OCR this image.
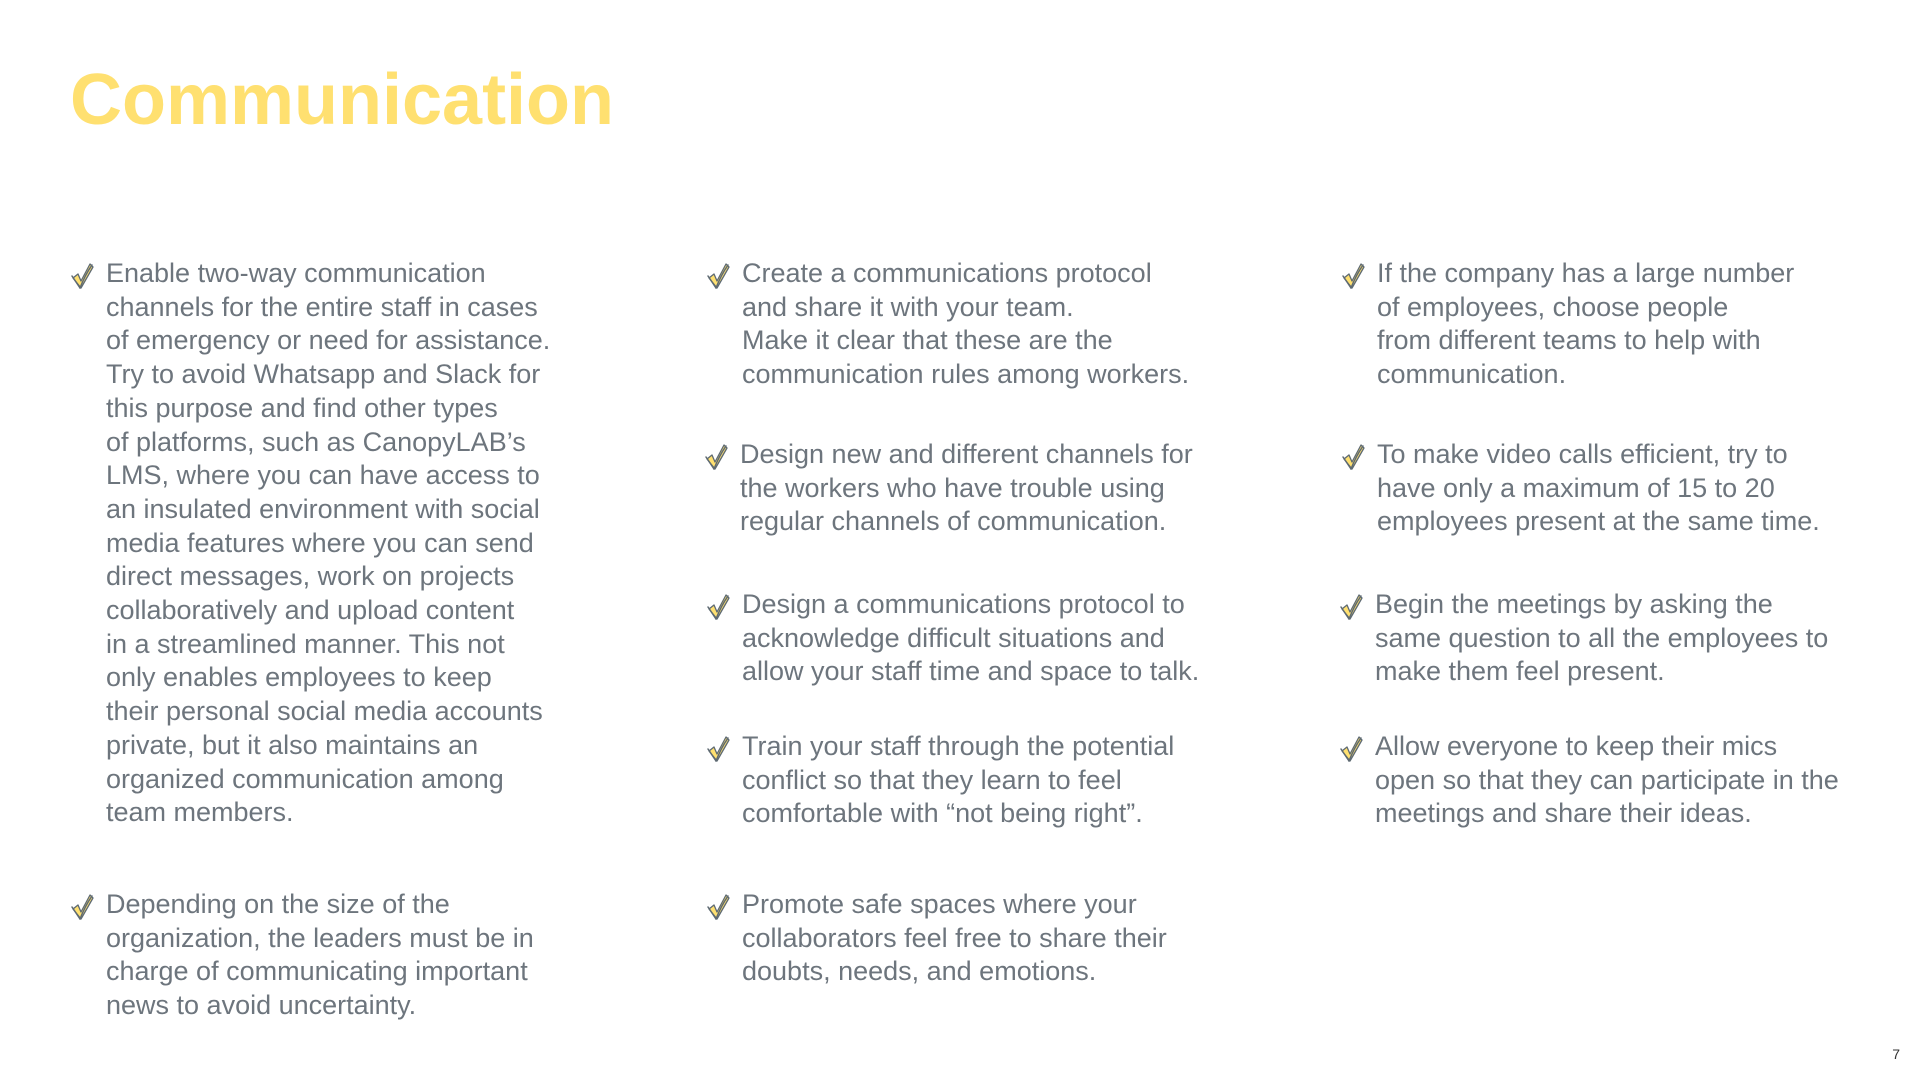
Communication

Enable two-way communication
channels for the entire staff in cases
of emergency or need for assistance.
Try to avoid Whatsapp and Slack for
this purpose and find other types
of platforms, such as CanopyLAB’s
LMS, where you can have access to
an insulated environment with social
media features where you can send
direct messages, work on projects
collaboratively and upload content
in a streamlined manner. This not
only enables employees to keep
their personal social media accounts
private, but it also maintains an
organized communication among
team members.

Depending on the size of the
organization, the leaders must be in
charge of communicating important
news to avoid uncertainty.

Create a communications protocol
and share it with your team.
Make it clear that these are the
communication rules among workers.

Design new and different channels for
the workers who have trouble using
regular channels of communication.

Design a communications protocol to
acknowledge difficult situations and
allow your staff time and space to talk.

Train your staff through the potential
conflict so that they learn to feel
comfortable with “not being right”.

Promote safe spaces where your
collaborators feel free to share their
doubts, needs, and emotions.

If the company has a large number
of employees, choose people
from different teams to help with
communication.

To make video calls efficient, try to
have only a maximum of 15 to 20
employees present at the same time.

Begin the meetings by asking the
same question to all the employees to
make them feel present.

Allow everyone to keep their mics
open so that they can participate in the
meetings and share their ideas.

7
